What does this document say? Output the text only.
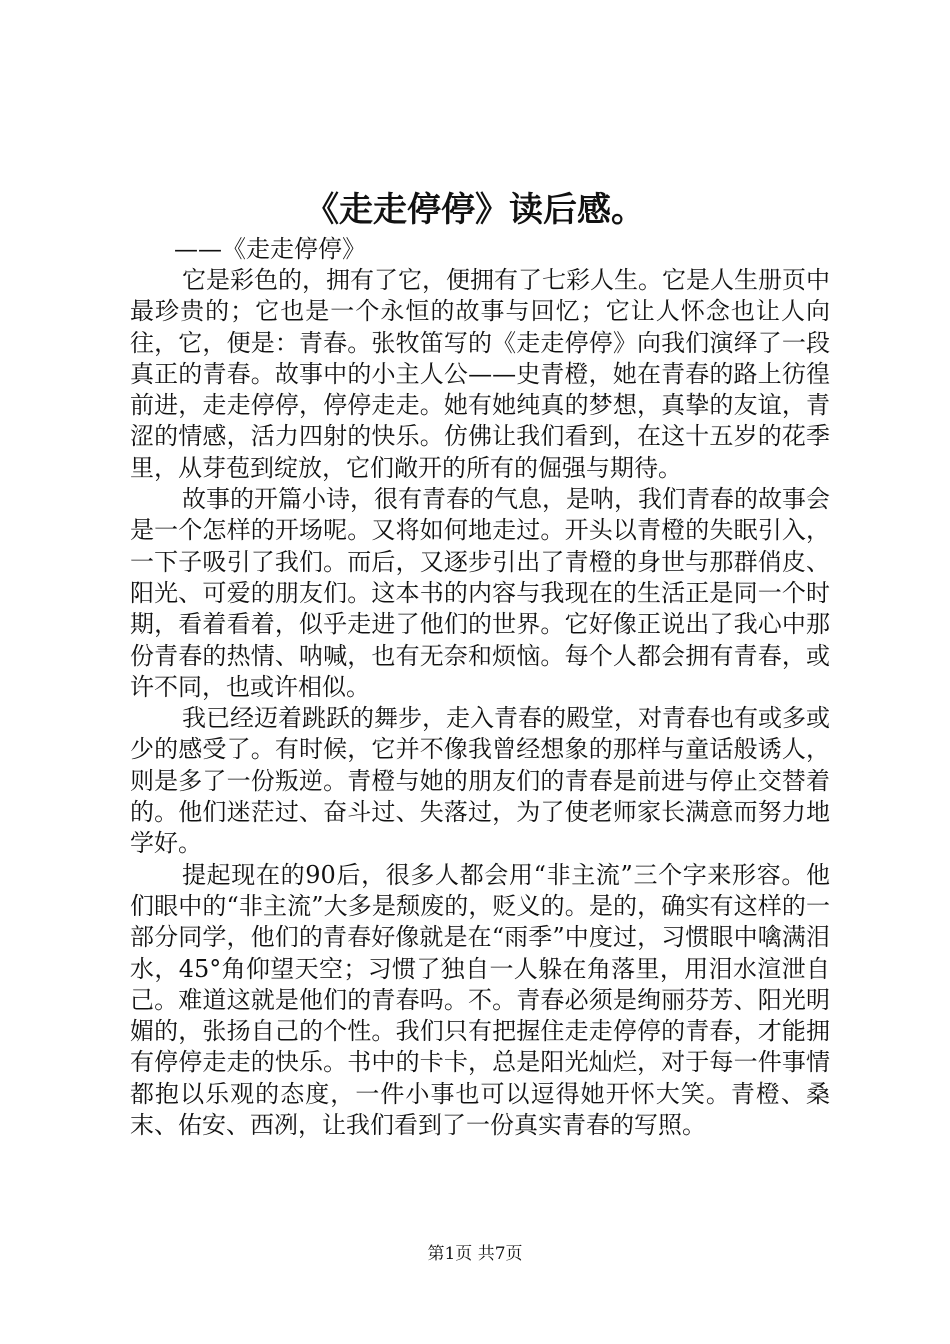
《走走停停》读后感。

——《走走停停》

它是彩色的，拥有了它，便拥有了七彩人生。它是人生册页中最珍贵的；它也是一个永恒的故事与回忆；它让人怀念也让人向往，它，便是：青春。张牧笛写的《走走停停》向我们演绎了一段真正的青春。故事中的小主人公——史青橙，她在青春的路上彷徨前进，走走停停，停停走走。她有她纯真的梦想，真挚的友谊，青涩的情感，活力四射的快乐。仿佛让我们看到，在这十五岁的花季里，从芽苞到绽放，它们敞开的所有的倔强与期待。

故事的开篇小诗，很有青春的气息，是呐，我们青春的故事会是一个怎样的开场呢。又将如何地走过。开头以青橙的失眠引入，一下子吸引了我们。而后，又逐步引出了青橙的身世与那群俏皮、阳光、可爱的朋友们。这本书的内容与我现在的生活正是同一个时期，看着看着，似乎走进了他们的世界。它好像正说出了我心中那份青春的热情、呐喊，也有无奈和烦恼。每个人都会拥有青春，或许不同，也或许相似。

我已经迈着跳跃的舞步，走入青春的殿堂，对青春也有或多或少的感受了。有时候，它并不像我曾经想象的那样与童话般诱人，则是多了一份叛逆。青橙与她的朋友们的青春是前进与停止交替着的。他们迷茫过、奋斗过、失落过，为了使老师家长满意而努力地学好。

提起现在的90后，很多人都会用“非主流”三个字来形容。他们眼中的“非主流”大多是颓废的，贬义的。是的，确实有这样的一部分同学，他们的青春好像就是在“雨季”中度过，习惯眼中噙满泪水，45°角仰望天空；习惯了独自一人躲在角落里，用泪水渲泄自己。难道这就是他们的青春吗。不。青春必须是绚丽芬芳、阳光明媚的，张扬自己的个性。我们只有把握住走走停停的青春，才能拥有停停走走的快乐。书中的卡卡，总是阳光灿烂，对于每一件事情都抱以乐观的态度，一件小事也可以逗得她开怀大笑。青橙、桑末、佑安、西冽，让我们看到了一份真实青春的写照。

第1页 共7页
